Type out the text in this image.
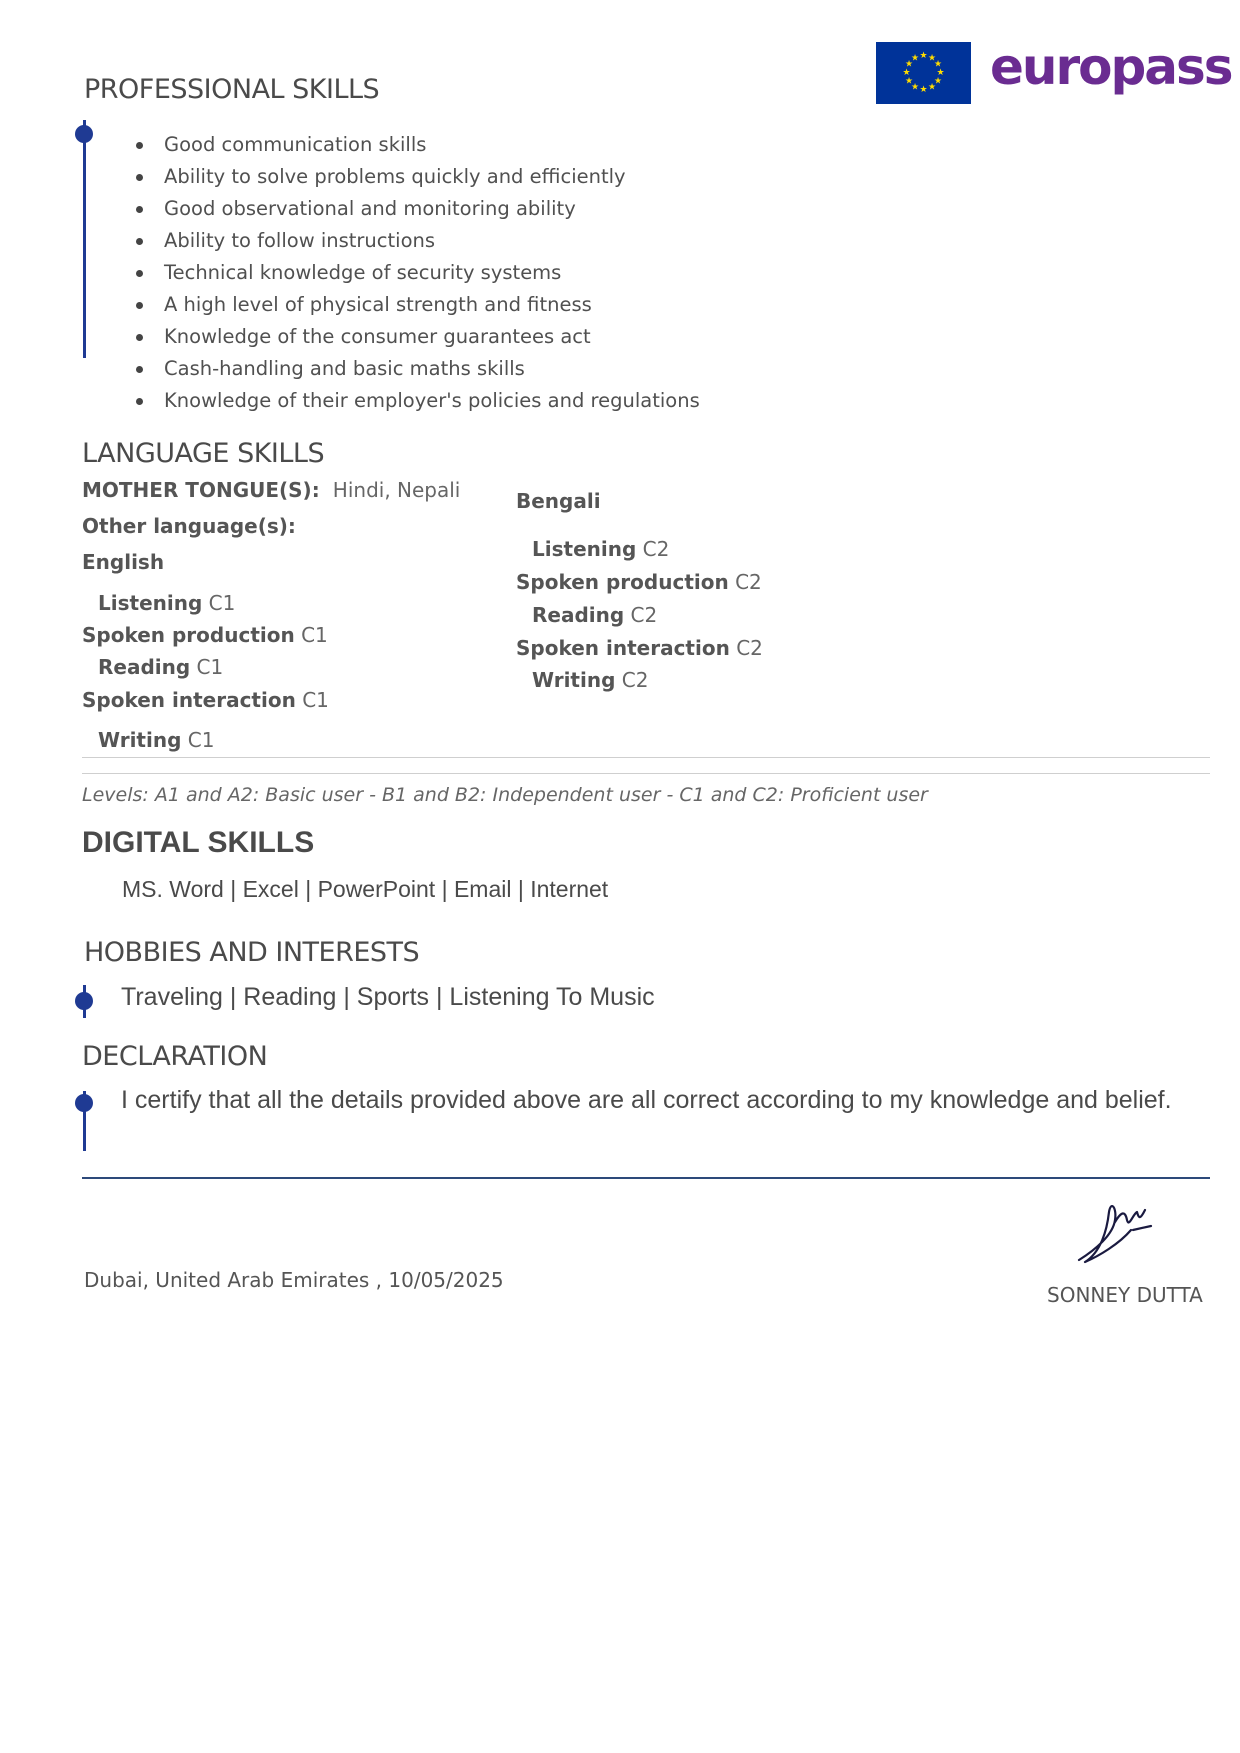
★ ★
★
★
★
★
★
★
★
★
★
★ europass
PROFESSIONAL SKILLS
Good communication skills
Ability to solve problems quickly and efficiently
Good observational and monitoring ability
Ability to follow instructions
Technical knowledge of security systems
A high level of physical strength and fitness
Knowledge of the consumer guarantees act
Cash-handling and basic maths skills
Knowledge of their employer's policies and regulations
LANGUAGE SKILLS
MOTHER TONGUE(S): Hindi, Nepali
Other language(s):
English
Listening C1
Spoken production C1
Reading C1
Spoken interaction C1
Writing C1
Bengali
Listening C2
Spoken production C2
Reading C2
Spoken interaction C2
Writing C2
Levels: A1 and A2: Basic user - B1 and B2: Independent user - C1 and C2: Proficient user
DIGITAL SKILLS
MS. Word | Excel | PowerPoint | Email | Internet
HOBBIES AND INTERESTS
Traveling | Reading | Sports | Listening To Music
DECLARATION
I certify that all the details provided above are all correct according to my knowledge and belief.
Dubai, United Arab Emirates , 10/05/2025
SONNEY DUTTA
